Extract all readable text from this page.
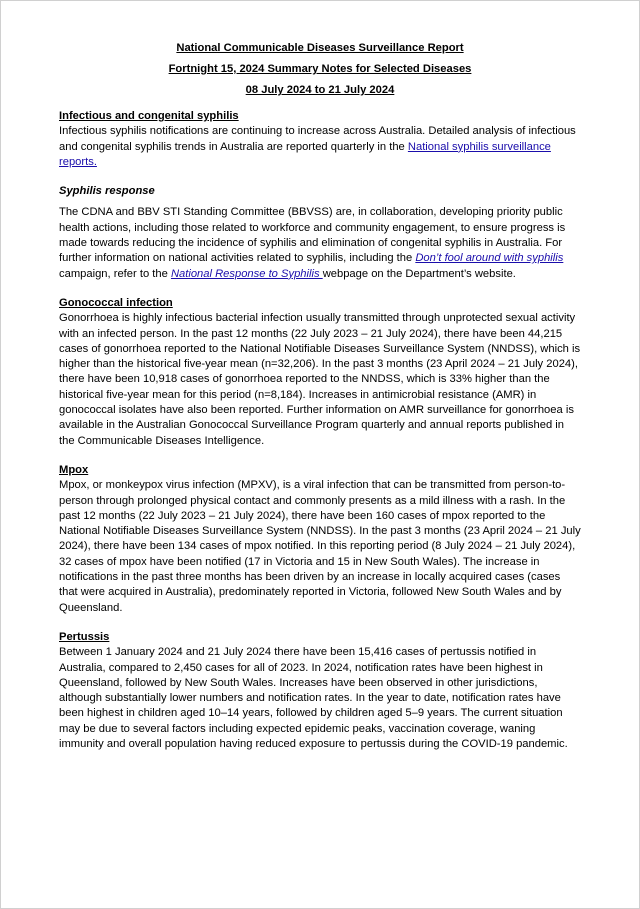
National Communicable Diseases Surveillance Report

Fortnight 15, 2024 Summary Notes for Selected Diseases

08 July 2024 to 21 July 2024

Infectious and congenital syphilis

Infectious syphilis notifications are continuing to increase across Australia. Detailed analysis of infectious and congenital syphilis trends in Australia are reported quarterly in the National syphilis surveillance reports.

Syphilis response

The CDNA and BBV STI Standing Committee (BBVSS) are, in collaboration, developing priority public health actions, including those related to workforce and community engagement, to ensure progress is made towards reducing the incidence of syphilis and elimination of congenital syphilis in Australia. For further information on national activities related to syphilis, including the Don’t fool around with syphilis campaign, refer to the National Response to Syphilis webpage on the Department’s website.

Gonococcal infection

Gonorrhoea is highly infectious bacterial infection usually transmitted through unprotected sexual activity with an infected person. In the past 12 months (22 July 2023 – 21 July 2024), there have been 44,215 cases of gonorrhoea reported to the National Notifiable Diseases Surveillance System (NNDSS), which is higher than the historical five-year mean (n=32,206). In the past 3 months (23 April 2024 – 21 July 2024), there have been 10,918 cases of gonorrhoea reported to the NNDSS, which is 33% higher than the historical five-year mean for this period (n=8,184). Increases in antimicrobial resistance (AMR) in gonococcal isolates have also been reported. Further information on AMR surveillance for gonorrhoea is available in the Australian Gonococcal Surveillance Program quarterly and annual reports published in the Communicable Diseases Intelligence.

Mpox

Mpox, or monkeypox virus infection (MPXV), is a viral infection that can be transmitted from person-to-person through prolonged physical contact and commonly presents as a mild illness with a rash. In the past 12 months (22 July 2023 – 21 July 2024), there have been 160 cases of mpox reported to the National Notifiable Diseases Surveillance System (NNDSS). In the past 3 months (23 April 2024 – 21 July 2024), there have been 134 cases of mpox notified. In this reporting period (8 July 2024 – 21 July 2024), 32 cases of mpox have been notified (17 in Victoria and 15 in New South Wales). The increase in notifications in the past three months has been driven by an increase in locally acquired cases (cases that were acquired in Australia), predominately reported in Victoria, followed New South Wales and by Queensland.

Pertussis

Between 1 January 2024 and 21 July 2024 there have been 15,416 cases of pertussis notified in Australia, compared to 2,450 cases for all of 2023. In 2024, notification rates have been highest in Queensland, followed by New South Wales. Increases have been observed in other jurisdictions, although substantially lower numbers and notification rates. In the year to date, notification rates have been highest in children aged 10–14 years, followed by children aged 5–9 years. The current situation may be due to several factors including expected epidemic peaks, vaccination coverage, waning immunity and overall population having reduced exposure to pertussis during the COVID-19 pandemic.
